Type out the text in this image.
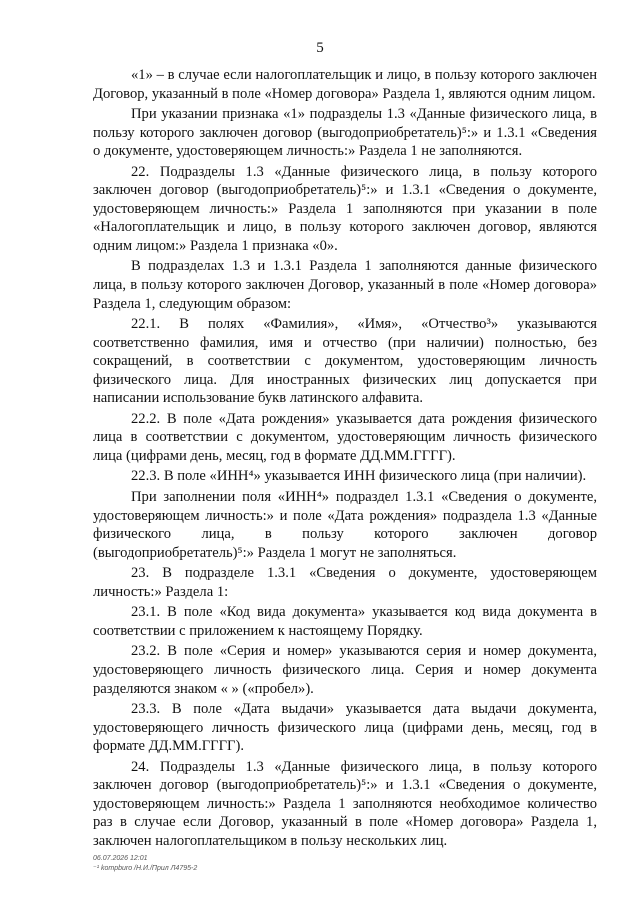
5

«1» – в случае если налогоплательщик и лицо, в пользу которого заключен Договор, указанный в поле «Номер договора» Раздела 1, являются одним лицом.

При указании признака «1» подразделы 1.3 «Данные физического лица, в пользу которого заключен договор (выгодоприобретатель)⁵:» и 1.3.1 «Сведения о документе, удостоверяющем личность:» Раздела 1 не заполняются.

22. Подразделы 1.3 «Данные физического лица, в пользу которого заключен договор (выгодоприобретатель)⁵:» и 1.3.1 «Сведения о документе, удостоверяющем личность:» Раздела 1 заполняются при указании в поле «Налогоплательщик и лицо, в пользу которого заключен договор, являются одним лицом:» Раздела 1 признака «0».

В подразделах 1.3 и 1.3.1 Раздела 1 заполняются данные физического лица, в пользу которого заключен Договор, указанный в поле «Номер договора» Раздела 1, следующим образом:

22.1. В полях «Фамилия», «Имя», «Отчество³» указываются соответственно фамилия, имя и отчество (при наличии) полностью, без сокращений, в соответствии с документом, удостоверяющим личность физического лица. Для иностранных физических лиц допускается при написании использование букв латинского алфавита.

22.2. В поле «Дата рождения» указывается дата рождения физического лица в соответствии с документом, удостоверяющим личность физического лица (цифрами день, месяц, год в формате ДД.ММ.ГГГГ).

22.3. В поле «ИНН⁴» указывается ИНН физического лица (при наличии).

При заполнении поля «ИНН⁴» подраздел 1.3.1 «Сведения о документе, удостоверяющем личность:» и поле «Дата рождения» подраздела 1.3 «Данные физического лица, в пользу которого заключен договор (выгодоприобретатель)⁵:» Раздела 1 могут не заполняться.

23. В подразделе 1.3.1 «Сведения о документе, удостоверяющем личность:» Раздела 1:

23.1. В поле «Код вида документа» указывается код вида документа в соответствии с приложением к настоящему Порядку.

23.2. В поле «Серия и номер» указываются серия и номер документа, удостоверяющего личность физического лица. Серия и номер документа разделяются знаком « » («пробел»).

23.3. В поле «Дата выдачи» указывается дата выдачи документа, удостоверяющего личность физического лица (цифрами день, месяц, год в формате ДД.ММ.ГГГГ).

24. Подразделы 1.3 «Данные физического лица, в пользу которого заключен договор (выгодоприобретатель)⁵:» и 1.3.1 «Сведения о документе, удостоверяющем личность:» Раздела 1 заполняются необходимое количество раз в случае если Договор, указанный в поле «Номер договора» Раздела 1, заключен налогоплательщиком в пользу нескольких лиц.

06.07.2026 12:01
⁻¹ kompburo /Н.И./Прил Л4795-2
